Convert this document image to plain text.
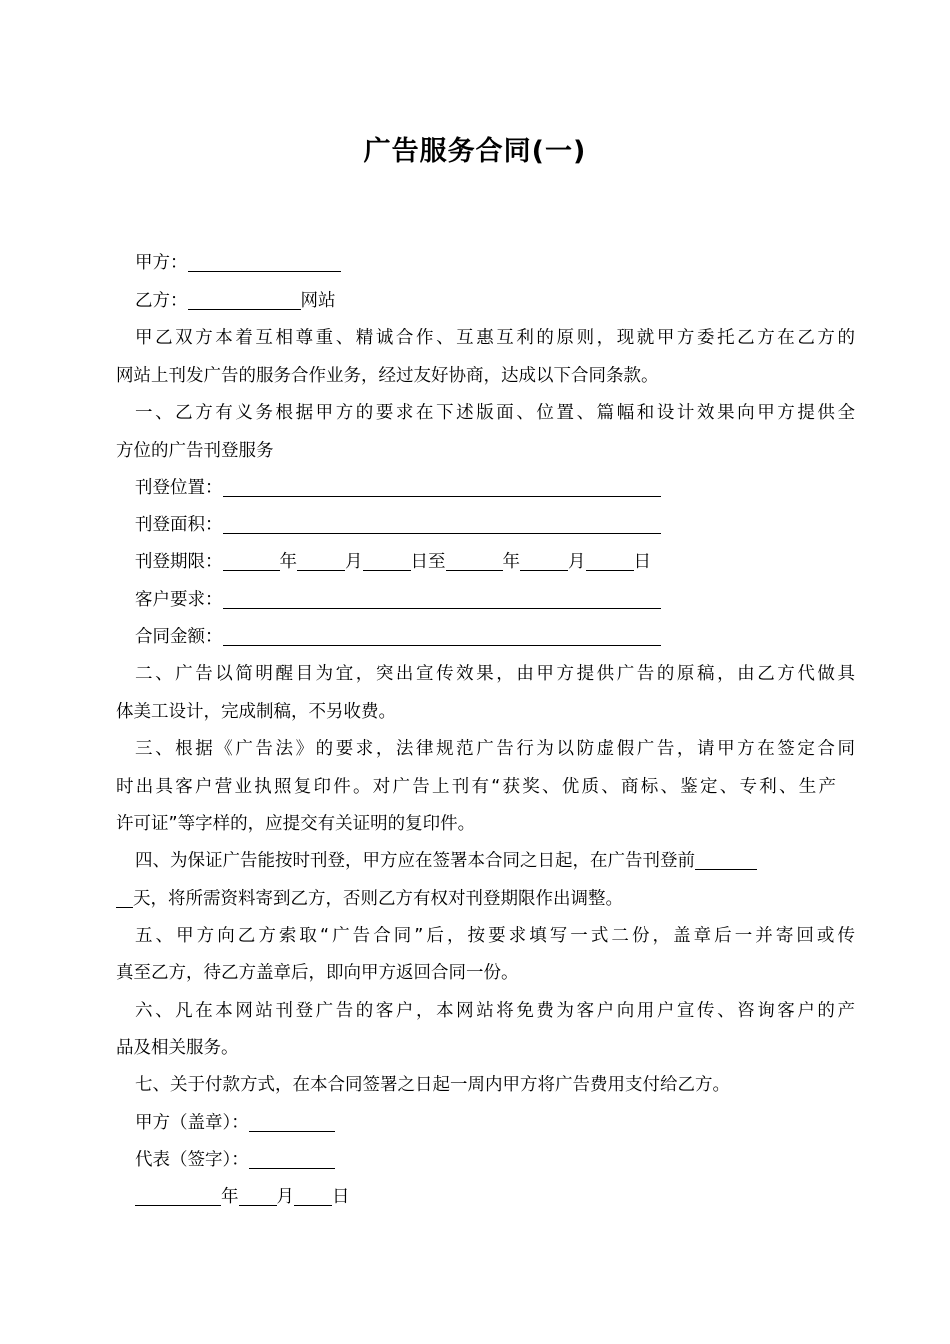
广告服务合同(一)
甲方：
乙方：	网站
甲乙双方本着互相尊重、精诚合作、互惠互利的原则，现就甲方委托乙方在乙方的
网站上刊发广告的服务合作业务，经过友好协商，达成以下合同条款。
一、乙方有义务根据甲方的要求在下述版面、位置、篇幅和设计效果向甲方提供全
方位的广告刊登服务
刊登位置：
刊登面积：
刊登期限：	年	月	日至	年	月	日
客户要求：
合同金额：
二、广告以简明醒目为宜，突出宣传效果，由甲方提供广告的原稿，由乙方代做具
体美工设计，完成制稿，不另收费。
三、根据《广告法》的要求，法律规范广告行为以防虚假广告，请甲方在签定合同
时出具客户营业执照复印件。对广告上刊有“获奖、优质、商标、鉴定、专利、生产
许可证”等字样的，应提交有关证明的复印件。
四、为保证广告能按时刊登，甲方应在签署本合同之日起，在广告刊登前
天，将所需资料寄到乙方，否则乙方有权对刊登期限作出调整。
五、甲方向乙方索取“广告合同”后，按要求填写一式二份，盖章后一并寄回或传
真至乙方，待乙方盖章后，即向甲方返回合同一份。
六、凡在本网站刊登广告的客户，本网站将免费为客户向用户宣传、咨询客户的产
品及相关服务。
七、关于付款方式，在本合同签署之日起一周内甲方将广告费用支付给乙方。
甲方（盖章）：
代表（签字）：
年 月 日
